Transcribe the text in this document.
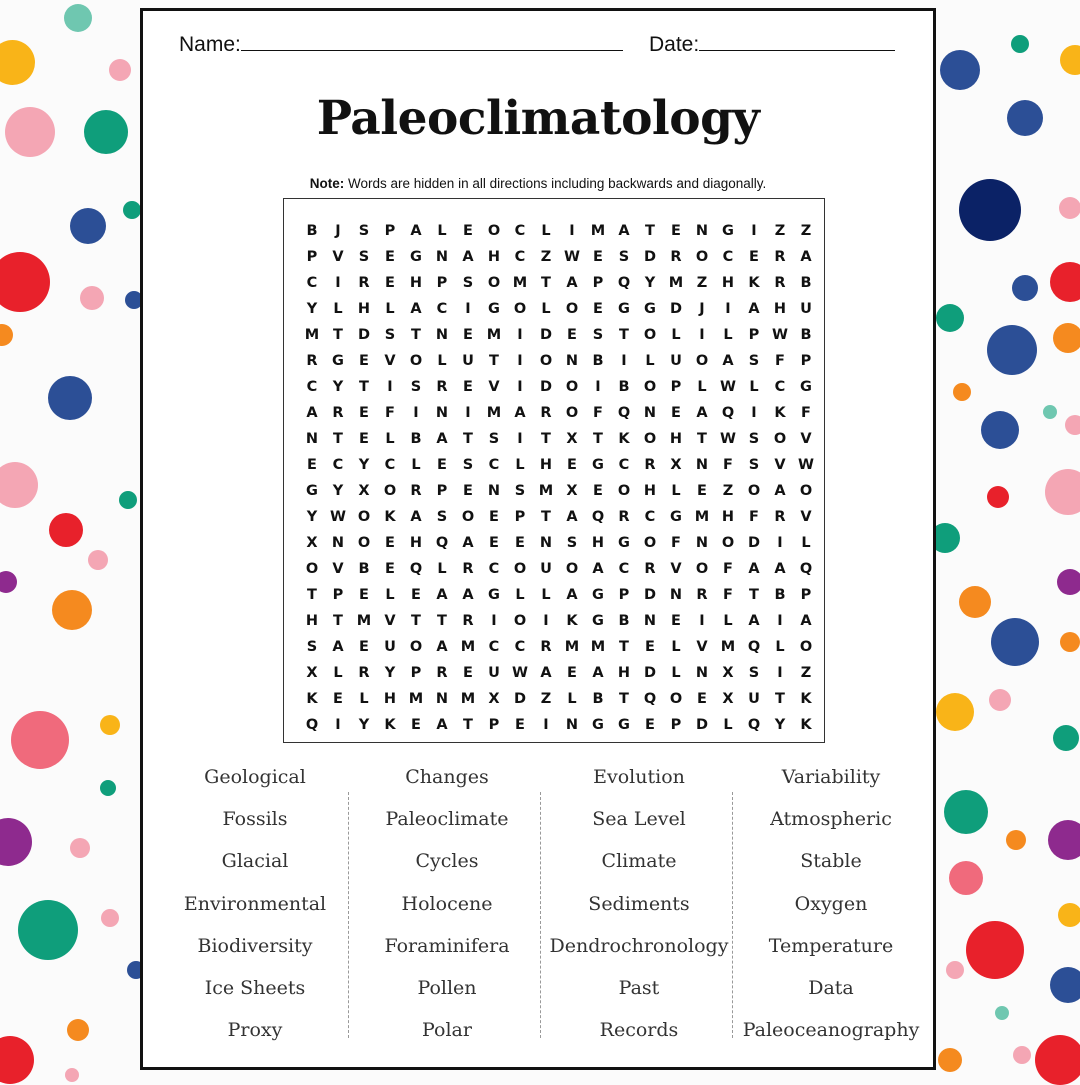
Name:	Date:
Paleoclimatology
Note: Words are hidden in all directions including backwards and diagonally.
B	J	S	P	A	L	E	O	C	L	I	M A	T	E	N G	I	Z	Z
P	V	S	E	G N A H	C	Z W E	S	D R O	C	E	R	A
C	I	R	E	H	P	S	O M T	A	P	Q	Y M Z	H K	R	B
Y	L	H	L	A	C	I	G O	L	O	E	G G D	J	I	A H U
M T	D	S	T	N	E M	I	D	E	S	T	O	L	I	L	P W B
R G	E	V O	L	U	T	I	O N B	I	L	U O A	S	F	P
C	Y	T	I	S	R	E	V	I	D O	I	B O	P	L W L	C	G
A	R	E	F	I	N	I	M A	R O	F	Q N	E	A Q	I	K	F
N	T	E	L	B	A	T	S	I	T	X	T	K O H	T W S	O V
E	C	Y	C	L	E	S	C	L	H	E	G	C	R	X N	F	S	V W
G	Y	X O R	P	E	N	S M X	E	O H	L	E	Z	O A O
Y W O K	A	S	O	E	P	T	A Q R	C	G M H	F	R	V
X N O	E	H Q A	E	E	N	S	H G O	F	N O D	I	L
O V	B	E	Q	L	R	C	O U O A	C	R	V O	F	A	A Q
T	P	E	L	E	A	A G	L	L	A G	P	D N R	F	T	B	P
H	T M V	T	T	R	I	O	I	K G	B N	E	I	L	A	I	A
S	A	E	U O A M C	C	R M M T	E	L	V M Q	L	O
X	L	R	Y	P	R	E	U W A	E	A H D	L	N X	S	I	Z
K	E	L	H M N M X D	Z	L	B	T	Q O	E	X	U	T	K
Q	I	Y	K	E	A	T	P	E	I	N G G	E	P	D	L	Q	Y	K
Geological
Fossils
Glacial
Environmental
Biodiversity
Ice Sheets
Proxy
Changes
Paleoclimate
Cycles
Holocene
Foraminifera
Pollen
Polar
Evolution
Sea Level
Climate
Sediments
Dendrochronology
Past
Records
Variability
Atmospheric
Stable
Oxygen
Temperature
Data
Paleoceanography
